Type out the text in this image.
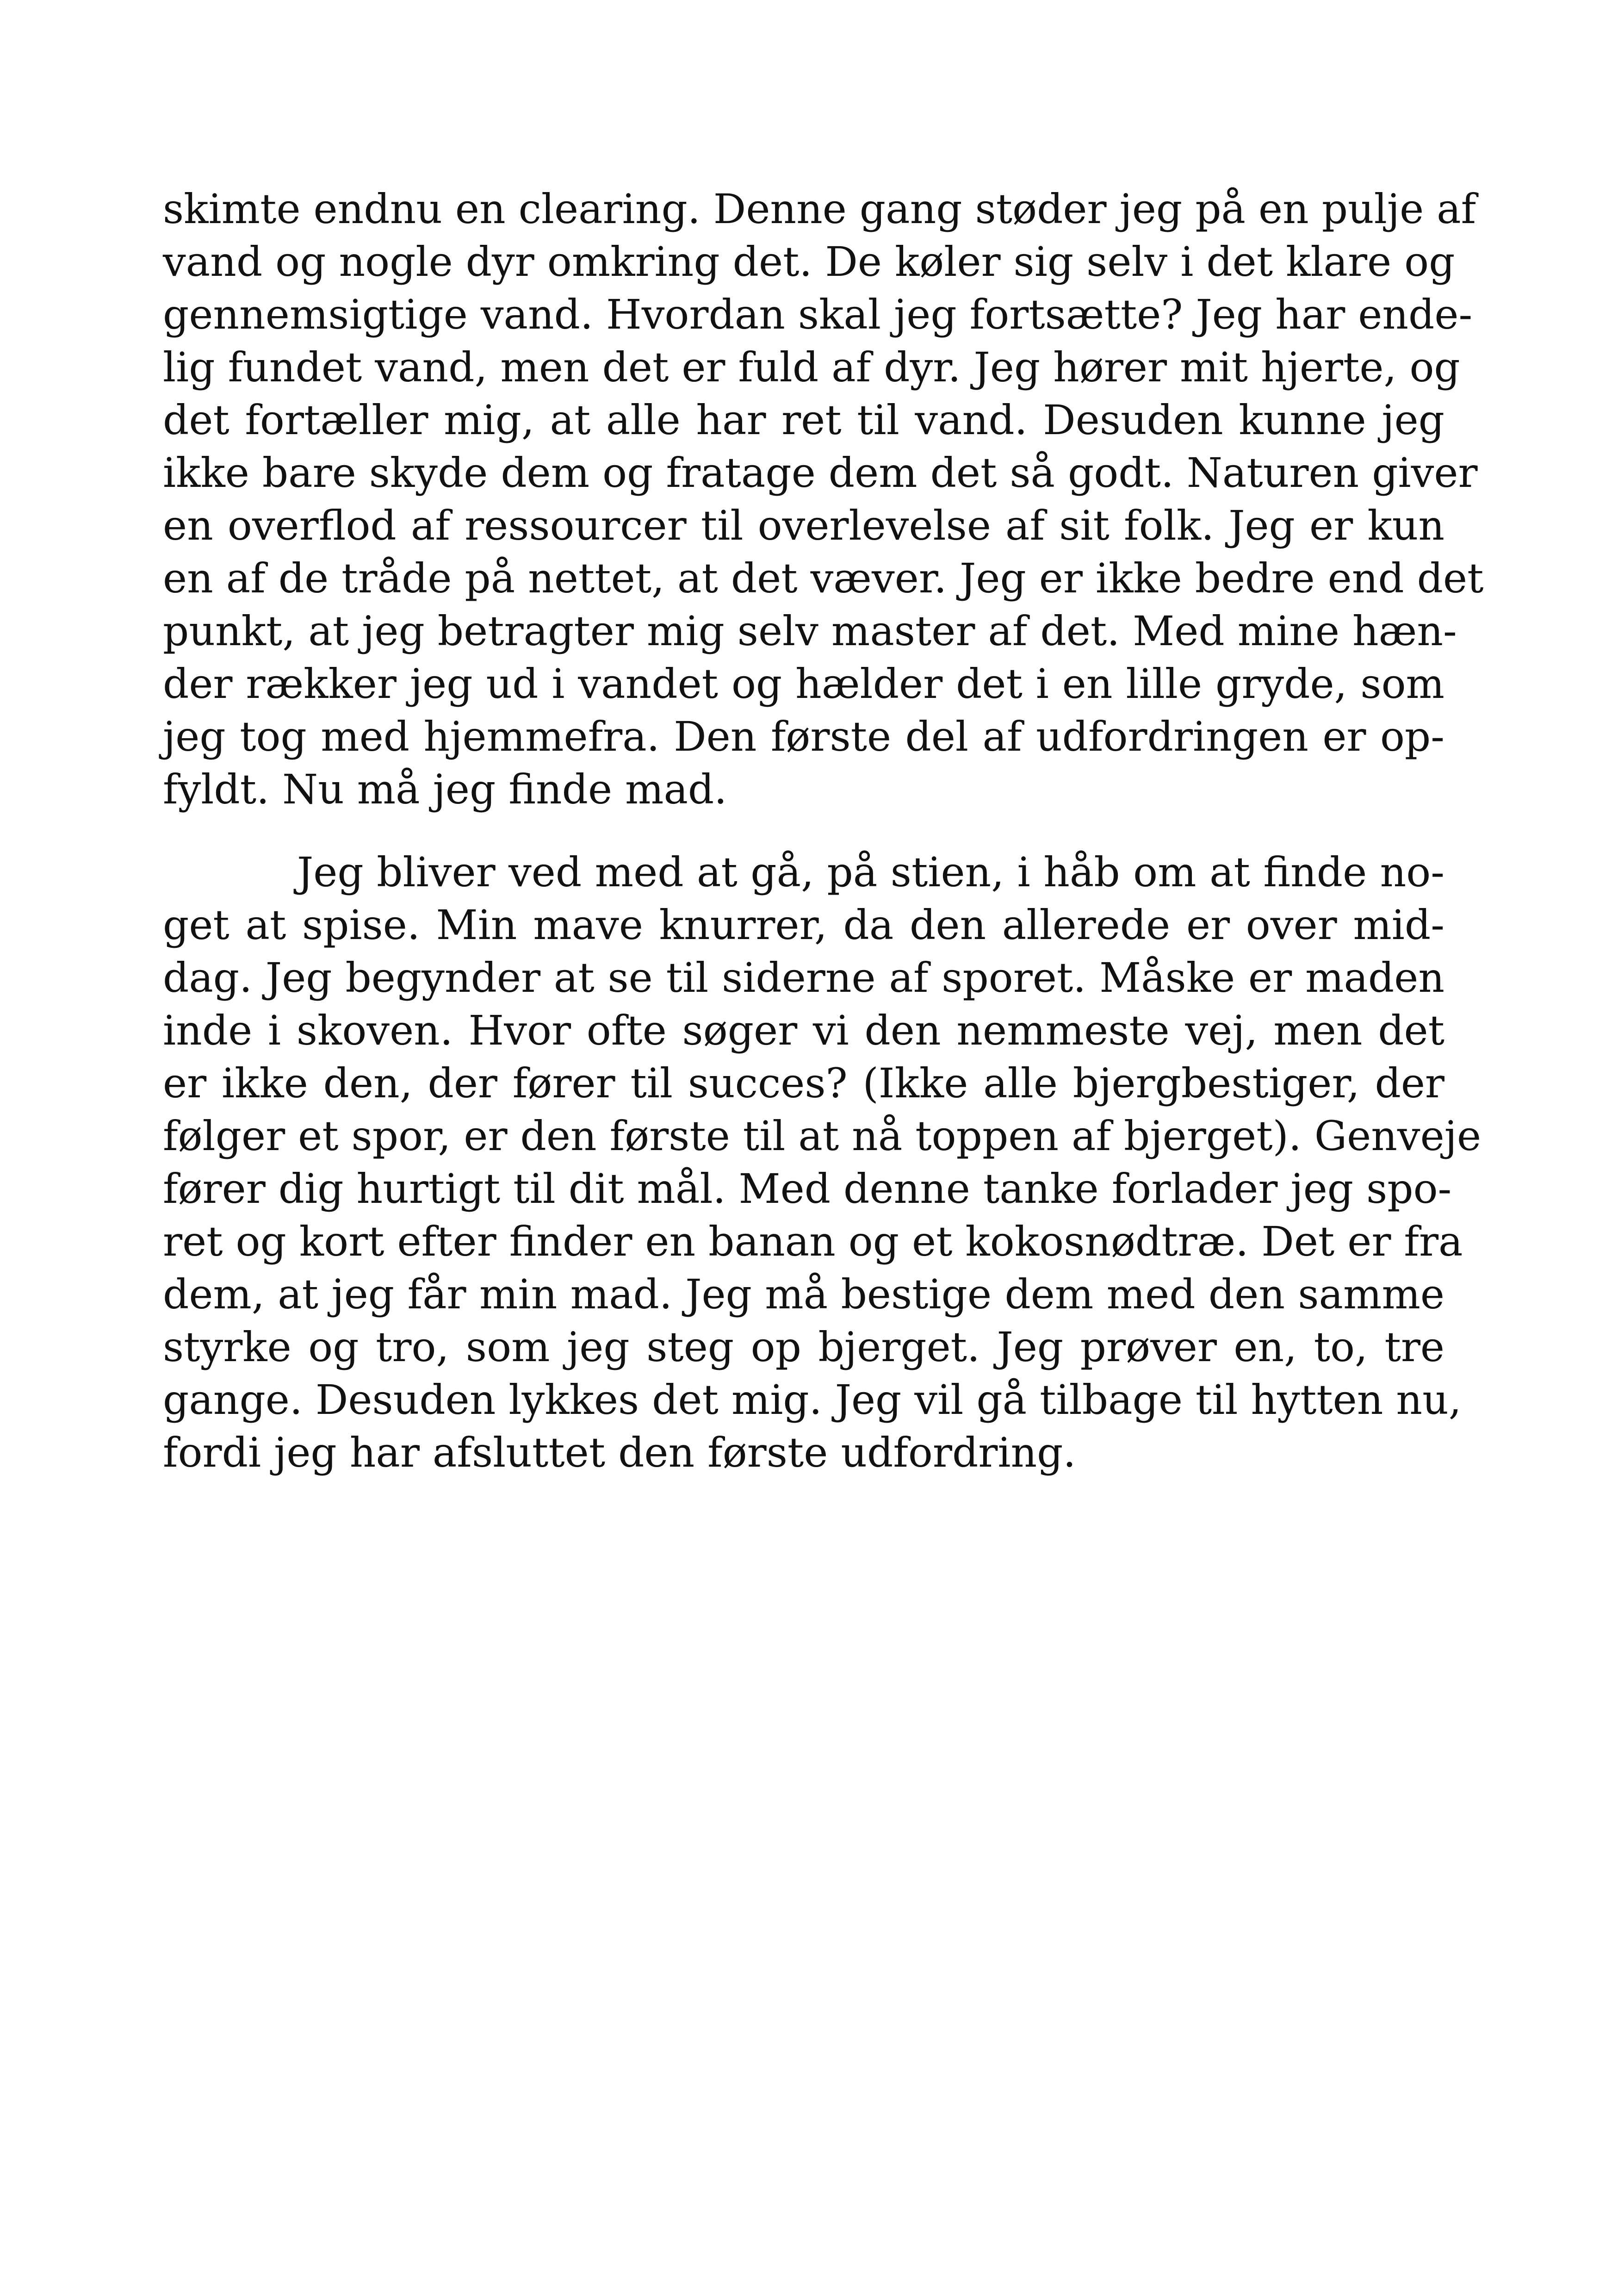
skimte endnu en clearing. Denne gang støder jeg på en pulje af
vand og nogle dyr omkring det. De køler sig selv i det klare og
gennemsigtige vand. Hvordan skal jeg fortsætte? Jeg har ende-
lig fundet vand, men det er fuld af dyr. Jeg hører mit hjerte, og
det fortæller mig, at alle har ret til vand. Desuden kunne jeg
ikke bare skyde dem og fratage dem det så godt. Naturen giver
en overflod af ressourcer til overlevelse af sit folk. Jeg er kun
en af de tråde på nettet, at det væver. Jeg er ikke bedre end det
punkt, at jeg betragter mig selv master af det. Med mine hæn-
der rækker jeg ud i vandet og hælder det i en lille gryde, som
jeg tog med hjemmefra. Den første del af udfordringen er op-
fyldt. Nu må jeg finde mad.
Jeg bliver ved med at gå, på stien, i håb om at finde no-
get at spise. Min mave knurrer, da den allerede er over mid-
dag. Jeg begynder at se til siderne af sporet. Måske er maden
inde i skoven. Hvor ofte søger vi den nemmeste vej, men det
er ikke den, der fører til succes? (Ikke alle bjergbestiger, der
følger et spor, er den første til at nå toppen af bjerget). Genveje
fører dig hurtigt til dit mål. Med denne tanke forlader jeg spo-
ret og kort efter finder en banan og et kokosnødtræ. Det er fra
dem, at jeg får min mad. Jeg må bestige dem med den samme
styrke og tro, som jeg steg op bjerget. Jeg prøver en, to, tre
gange. Desuden lykkes det mig. Jeg vil gå tilbage til hytten nu,
fordi jeg har afsluttet den første udfordring.
